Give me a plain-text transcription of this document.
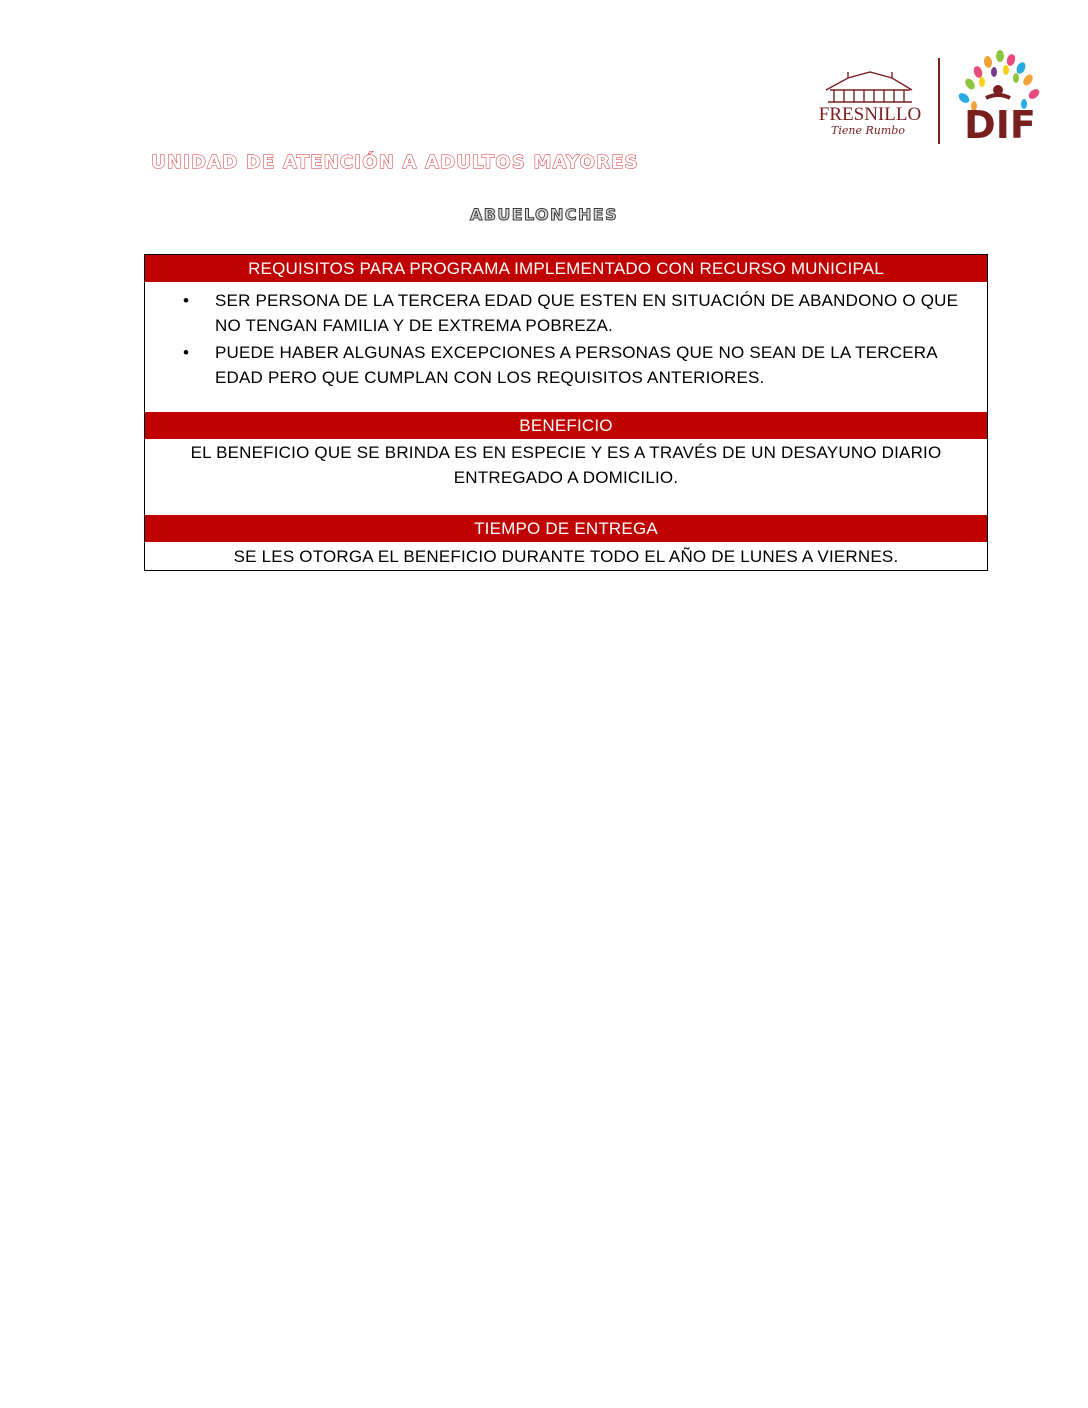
FRESNILLO
Tiene Rumbo DIF
UNIDAD DE ATENCIÓN A ADULTOS MAYORES
ABUELONCHES
REQUISITOS PARA PROGRAMA IMPLEMENTADO CON RECURSO MUNICIPAL
• SER PERSONA DE LA TERCERA EDAD QUE ESTEN EN SITUACIÓN DE ABANDONO O QUE NO TENGAN FAMILIA Y DE EXTREMA POBREZA.
• PUEDE HABER ALGUNAS EXCEPCIONES A PERSONAS QUE NO SEAN DE LA TERCERA EDAD PERO QUE CUMPLAN CON LOS REQUISITOS ANTERIORES.
BENEFICIO
EL BENEFICIO QUE SE BRINDA ES EN ESPECIE Y ES A TRAVÉS DE UN DESAYUNO DIARIO ENTREGADO A DOMICILIO.
TIEMPO DE ENTREGA
SE LES OTORGA EL BENEFICIO DURANTE TODO EL AÑO DE LUNES A VIERNES.
